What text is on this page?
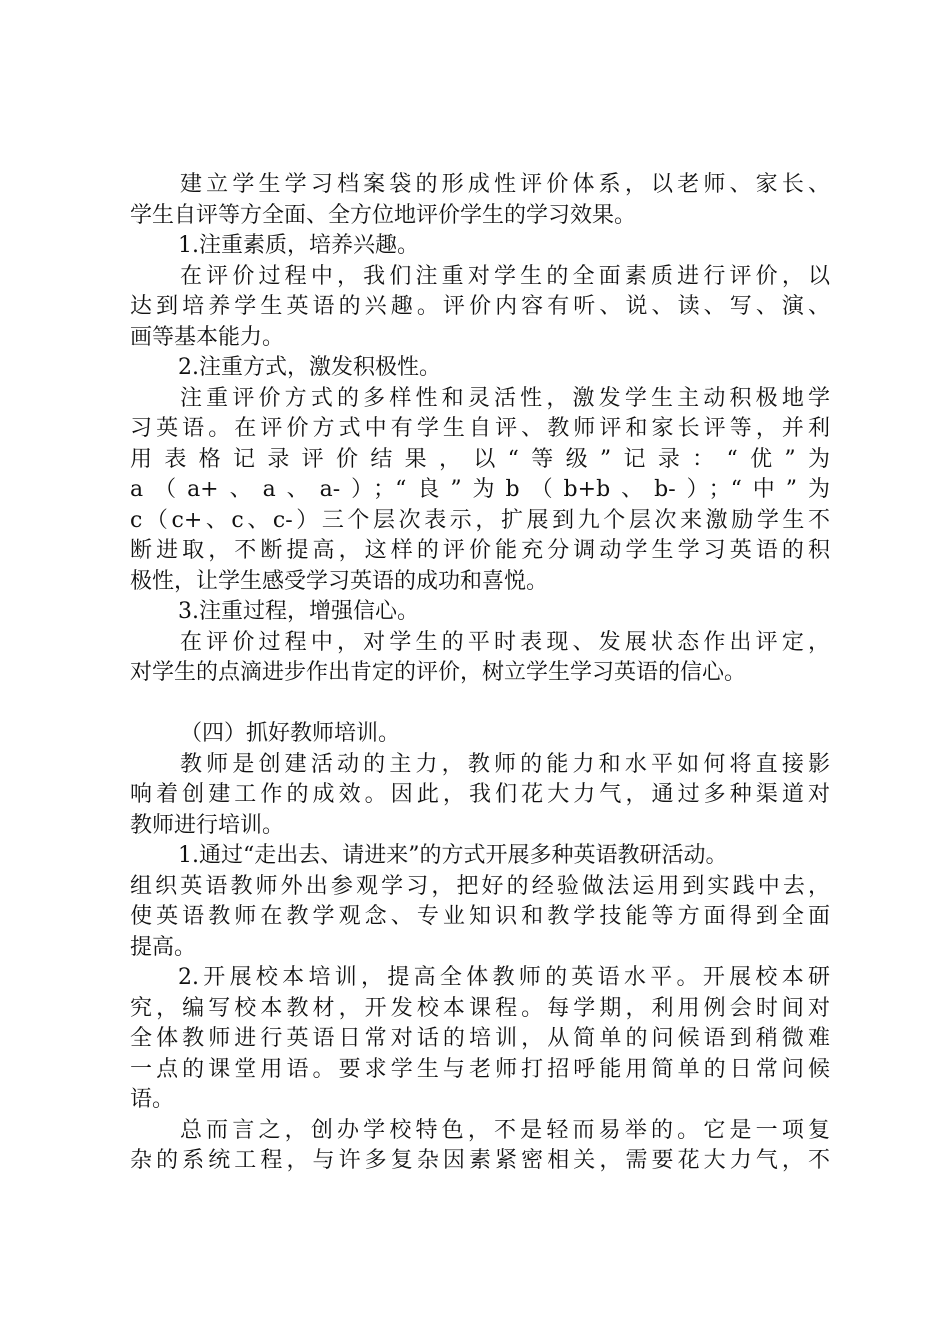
建立学生学习档案袋的形成性评价体系，以老师、家长、
学生自评等方全面、全方位地评价学生的学习效果。
1.注重素质，培养兴趣。
在评价过程中，我们注重对学生的全面素质进行评价，以
达到培养学生英语的兴趣。评价内容有听、说、读、写、演、
画等基本能力。
2.注重方式，激发积极性。
注重评价方式的多样性和灵活性，激发学生主动积极地学
习英语。在评价方式中有学生自评、教师评和家长评等，并利
用表格记录评价结果，以“等级”记录：“优”为
a（a+、a、a-）；“良”为b（b+b、b-）；“中”为
c（c+、c、c-）三个层次表示，扩展到九个层次来激励学生不
断进取，不断提高，这样的评价能充分调动学生学习英语的积
极性，让学生感受学习英语的成功和喜悦。
3.注重过程，增强信心。
在评价过程中，对学生的平时表现、发展状态作出评定，
对学生的点滴进步作出肯定的评价，树立学生学习英语的信心。
（四）抓好教师培训。
教师是创建活动的主力，教师的能力和水平如何将直接影
响着创建工作的成效。因此，我们花大力气，通过多种渠道对
教师进行培训。
1.通过“走出去、请进来”的方式开展多种英语教研活动。
组织英语教师外出参观学习，把好的经验做法运用到实践中去，
使英语教师在教学观念、专业知识和教学技能等方面得到全面
提高。
2.开展校本培训，提高全体教师的英语水平。开展校本研
究，编写校本教材，开发校本课程。每学期，利用例会时间对
全体教师进行英语日常对话的培训，从简单的问候语到稍微难
一点的课堂用语。要求学生与老师打招呼能用简单的日常问候
语。
总而言之，创办学校特色，不是轻而易举的。它是一项复
杂的系统工程，与许多复杂因素紧密相关，需要花大力气，不
